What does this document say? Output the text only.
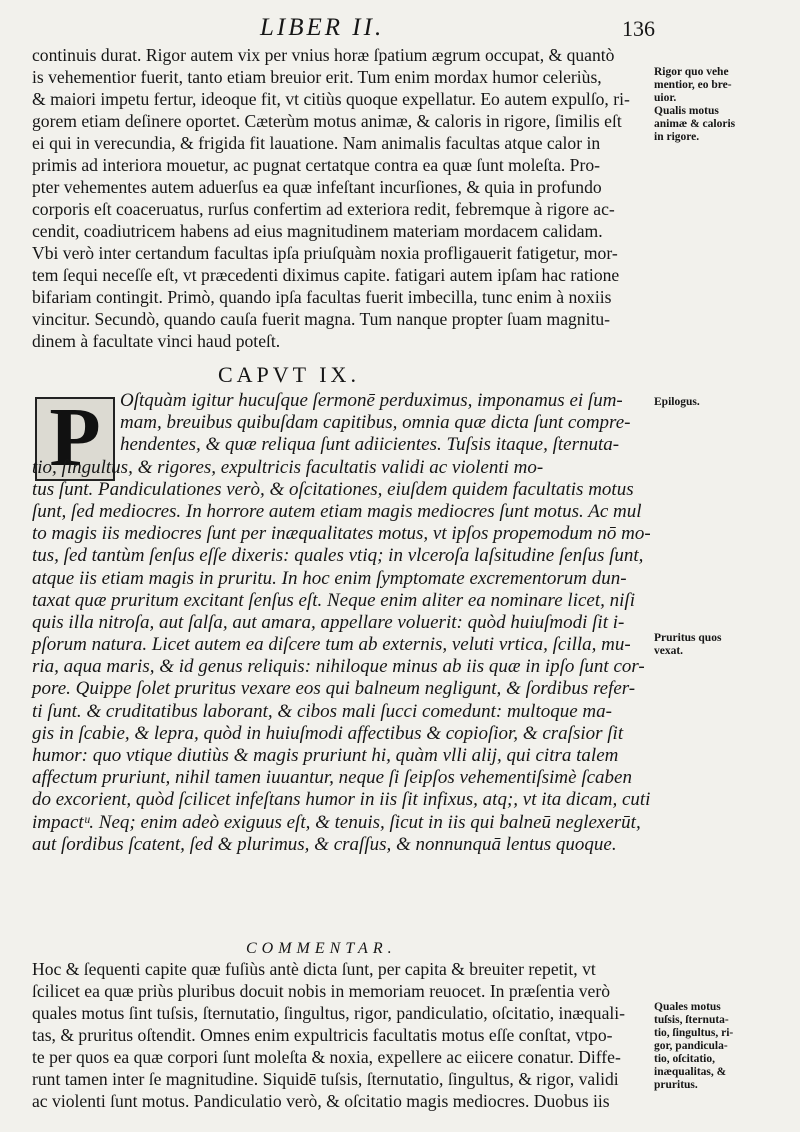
LIBER II.	136
continuis durat. Rigor autem vix per vnius horæ ſpatium ægrum occupat, & quantò
is vehementior fuerit, tanto etiam breuior erit. Tum enim mordax humor celeriùs,
& maiori impetu fertur, ideoque fit, vt citiùs quoque expellatur. Eo autem expulſo, ri-
gorem etiam deſinere oportet. Cæterùm motus animæ, & caloris in rigore, ſimilis eſt
ei qui in verecundia, & frigida fit lauatione. Nam animalis facultas atque calor in
primis ad interiora mouetur, ac pugnat certatque contra ea quæ ſunt moleſta. Pro-
pter vehementes autem aduerſus ea quæ infeſtant incurſiones, & quia in profundo
corporis eſt coaceruatus, rurſus confertim ad exteriora redit, febremque à rigore ac-
cendit, coadiutricem habens ad eius magnitudinem materiam mordacem calidam.
Vbi verò inter certandum facultas ipſa priuſquàm noxia profligauerit fatigetur, mor-
tem ſequi neceſſe eſt, vt præcedenti diximus capite. fatigari autem ipſam hac ratione
bifariam contingit. Primò, quando ipſa facultas fuerit imbecilla, tunc enim à noxiis
vincitur. Secundò, quando cauſa fuerit magna. Tum nanque propter ſuam magnitu-
dinem à facultate vinci haud poteſt.
CAPVT IX.
P	Oſtquàm igitur hucuſque ſermonē perduximus, imponamus ei ſum-
mam, breuibus quibuſdam capitibus, omnia quæ dicta ſunt compre-
hendentes, & quæ reliqua ſunt adiicientes. Tuſsis itaque, ſternuta-
tio, ſingultus, & rigores, expultricis facultatis validi ac violenti mo-
tus ſunt. Pandiculationes verò, & oſcitationes, eiuſdem quidem facultatis motus
ſunt, ſed mediocres. In horrore autem etiam magis mediocres ſunt motus. Ac mul
to magis iis mediocres ſunt per inæqualitates motus, vt ipſos propemodum nō mo-
tus, ſed tantùm ſenſus eſſe dixeris: quales vtiq; in vlceroſa laſsitudine ſenſus ſunt,
atque iis etiam magis in pruritu. In hoc enim ſymptomate excrementorum dun-
taxat quæ pruritum excitant ſenſus eſt. Neque enim aliter ea nominare licet, niſi
quis illa nitroſa, aut ſalſa, aut amara, appellare voluerit: quòd huiuſmodi ſit i-
pſorum natura. Licet autem ea diſcere tum ab externis, veluti vrtica, ſcilla, mu-
ria, aqua maris, & id genus reliquis: nihiloque minus ab iis quæ in ipſo ſunt cor-
pore. Quippe ſolet pruritus vexare eos qui balneum negligunt, & ſordibus refer-
ti ſunt. & cruditatibus laborant, & cibos mali ſucci comedunt: multoque ma-
gis in ſcabie, & lepra, quòd in huiuſmodi affectibus & copioſior, & craſsior ſit
humor: quo vtique diutiùs & magis pruriunt hi, quàm vlli alij, qui citra talem
affectum pruriunt, nihil tamen iuuantur, neque ſi ſeipſos vehementiſsimè ſcaben
do excorient, quòd ſcilicet infeſtans humor in iis ſit infixus, atq;, vt ita dicam, cuti
impactᵘ. Neq; enim adeò exiguus eſt, & tenuis, ſicut in iis qui balneū neglexerūt,
aut ſordibus ſcatent, ſed & plurimus, & craſſus, & nonnunquā lentus quoque.
COMMENTAR.
Hoc & ſequenti capite quæ fuſiùs antè dicta ſunt, per capita & breuiter repetit, vt
ſcilicet ea quæ priùs pluribus docuit nobis in memoriam reuocet. In præſentia verò
quales motus ſint tuſsis, ſternutatio, ſingultus, rigor, pandiculatio, oſcitatio, inæquali-
tas, & pruritus oſtendit. Omnes enim expultricis facultatis motus eſſe conſtat, vtpo-
te per quos ea quæ corpori ſunt moleſta & noxia, expellere ac eiicere conatur. Diffe-
runt tamen inter ſe magnitudine. Siquidē tuſsis, ſternutatio, ſingultus, & rigor, validi
ac violenti ſunt motus. Pandiculatio verò, & oſcitatio magis mediocres. Duobus iis
Rigor quo vehe
mentior, eo bre-
uior.
Qualis motus
animæ & caloris
in rigore.
Epilogus.
Pruritus quos
vexat.
Quales motus
tuſsis, ſternuta-
tio, ſingultus, ri-
gor, pandicula-
tio, oſcitatio,
inæqualitas, &
pruritus.
